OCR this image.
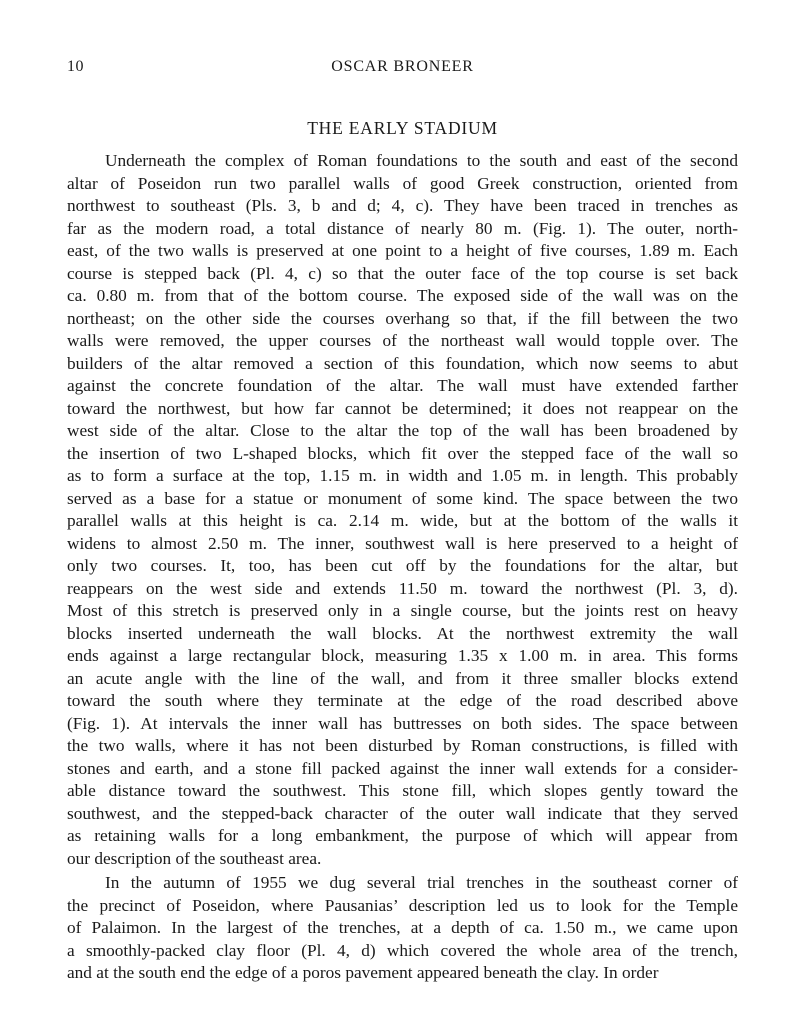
10	OSCAR BRONEER
THE EARLY STADIUM

Underneath the complex of Roman foundations to the south and east of the second
altar of Poseidon run two parallel walls of good Greek construction, oriented from
northwest to southeast (Pls. 3, b and d; 4, c). They have been traced in trenches as
far as the modern road, a total distance of nearly 80 m. (Fig. 1). The outer, north-
east, of the two walls is preserved at one point to a height of five courses, 1.89 m. Each
course is stepped back (Pl. 4, c) so that the outer face of the top course is set back
ca. 0.80 m. from that of the bottom course. The exposed side of the wall was on the
northeast; on the other side the courses overhang so that, if the fill between the two
walls were removed, the upper courses of the northeast wall would topple over. The
builders of the altar removed a section of this foundation, which now seems to abut
against the concrete foundation of the altar. The wall must have extended farther
toward the northwest, but how far cannot be determined; it does not reappear on the
west side of the altar. Close to the altar the top of the wall has been broadened by
the insertion of two L-shaped blocks, which fit over the stepped face of the wall so
as to form a surface at the top, 1.15 m. in width and 1.05 m. in length. This probably
served as a base for a statue or monument of some kind. The space between the two
parallel walls at this height is ca. 2.14 m. wide, but at the bottom of the walls it
widens to almost 2.50 m. The inner, southwest wall is here preserved to a height of
only two courses. It, too, has been cut off by the foundations for the altar, but
reappears on the west side and extends 11.50 m. toward the northwest (Pl. 3, d).
Most of this stretch is preserved only in a single course, but the joints rest on heavy
blocks inserted underneath the wall blocks. At the northwest extremity the wall
ends against a large rectangular block, measuring 1.35 x 1.00 m. in area. This forms
an acute angle with the line of the wall, and from it three smaller blocks extend
toward the south where they terminate at the edge of the road described above
(Fig. 1). At intervals the inner wall has buttresses on both sides. The space between
the two walls, where it has not been disturbed by Roman constructions, is filled with
stones and earth, and a stone fill packed against the inner wall extends for a consider-
able distance toward the southwest. This stone fill, which slopes gently toward the
southwest, and the stepped-back character of the outer wall indicate that they served
as retaining walls for a long embankment, the purpose of which will appear from
our description of the southeast area.

In the autumn of 1955 we dug several trial trenches in the southeast corner of
the precinct of Poseidon, where Pausanias’ description led us to look for the Temple
of Palaimon. In the largest of the trenches, at a depth of ca. 1.50 m., we came upon
a smoothly-packed clay floor (Pl. 4, d) which covered the whole area of the trench,
and at the south end the edge of a poros pavement appeared beneath the clay. In order
